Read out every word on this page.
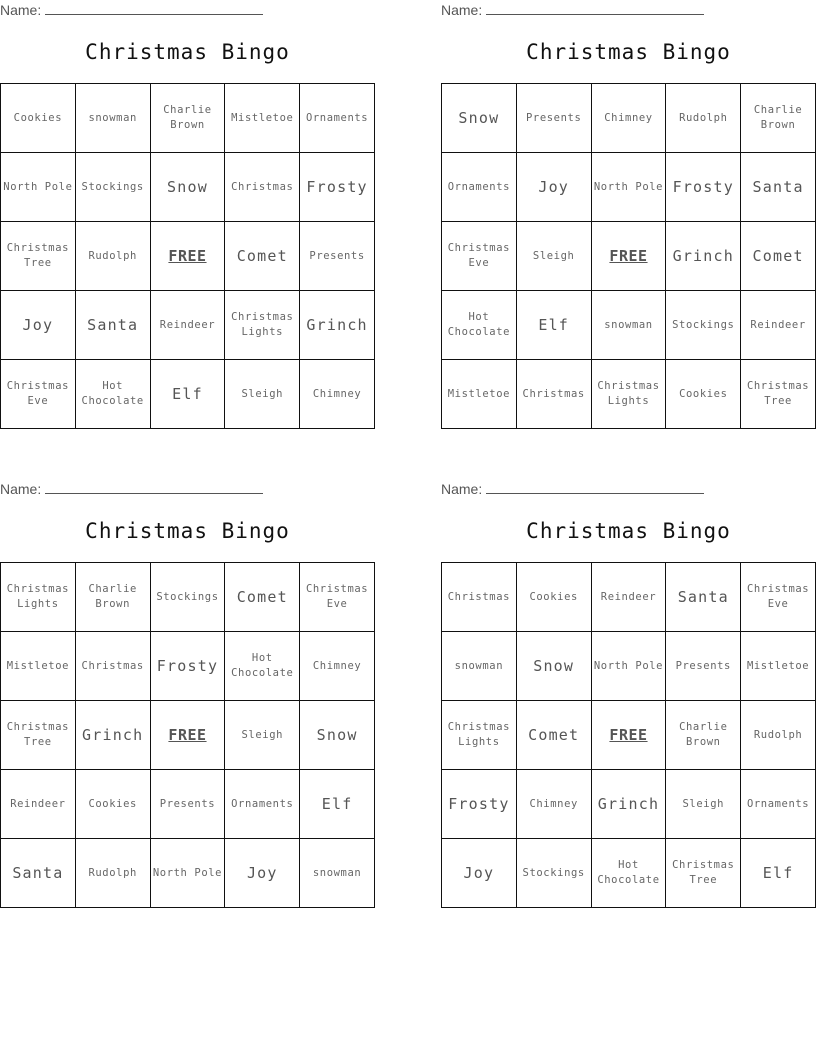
Name:
Christmas Bingo
Cookies	snowman	Charlie Brown	Mistletoe	Ornaments
North Pole	Stockings	Snow	Christmas	Frosty
Christmas Tree	Rudolph	FREE	Comet	Presents
Joy	Santa	Reindeer	Christmas Lights	Grinch
Christmas Eve	Hot Chocolate	Elf	Sleigh	Chimney
Name:
Christmas Bingo
Snow	Presents	Chimney	Rudolph	Charlie Brown
Ornaments	Joy	North Pole	Frosty	Santa
Christmas Eve	Sleigh	FREE	Grinch	Comet
Hot Chocolate	Elf	snowman	Stockings	Reindeer
Mistletoe	Christmas	Christmas Lights	Cookies	Christmas Tree
Name:
Christmas Bingo
Christmas Lights	Charlie Brown	Stockings	Comet	Christmas Eve
Mistletoe	Christmas	Frosty	Hot Chocolate	Chimney
Christmas Tree	Grinch	FREE	Sleigh	Snow
Reindeer	Cookies	Presents	Ornaments	Elf
Santa	Rudolph	North Pole	Joy	snowman
Name:
Christmas Bingo
Christmas	Cookies	Reindeer	Santa	Christmas Eve
snowman	Snow	North Pole	Presents	Mistletoe
Christmas Lights	Comet	FREE	Charlie Brown	Rudolph
Frosty	Chimney	Grinch	Sleigh	Ornaments
Joy	Stockings	Hot Chocolate	Christmas Tree	Elf
